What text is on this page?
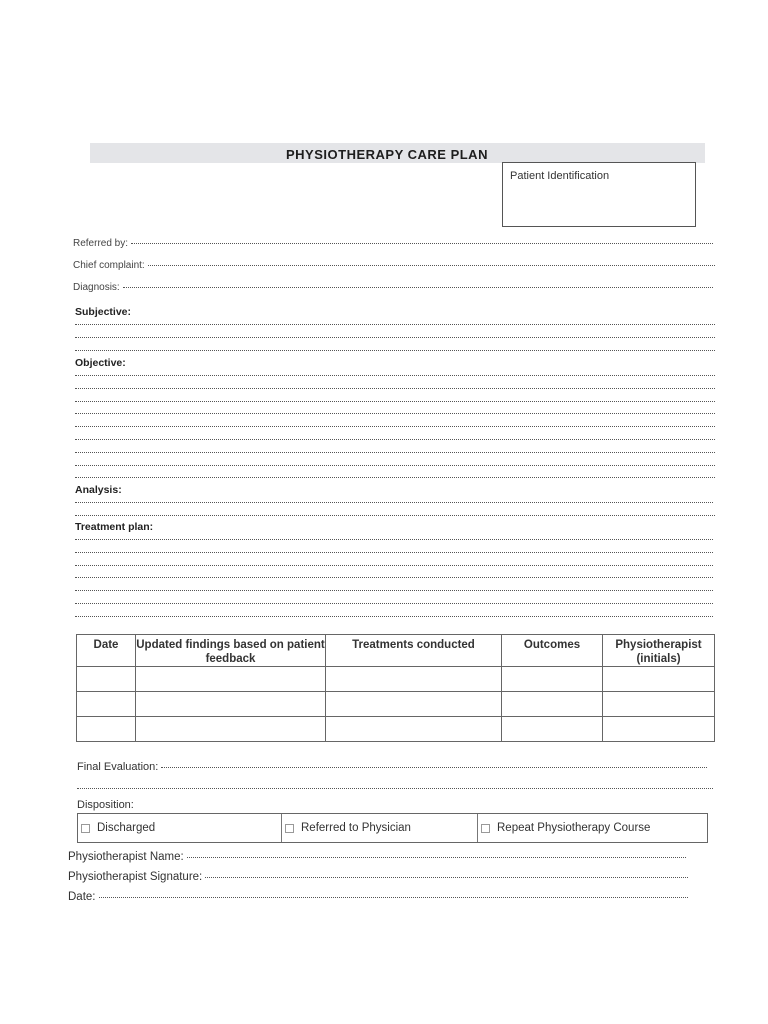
PHYSIOTHERAPY CARE PLAN
Patient Identification
Referred by:
Chief complaint:
Diagnosis:
Subjective:
Objective:
Analysis:
Treatment plan:
Date	Updated findings based on patient feedback	Treatments conducted	Outcomes	Physiotherapist (initials)

Final Evaluation:
Disposition:
Discharged	Referred to Physician	Repeat Physiotherapy Course
Physiotherapist Name:
Physiotherapist Signature:
Date:
